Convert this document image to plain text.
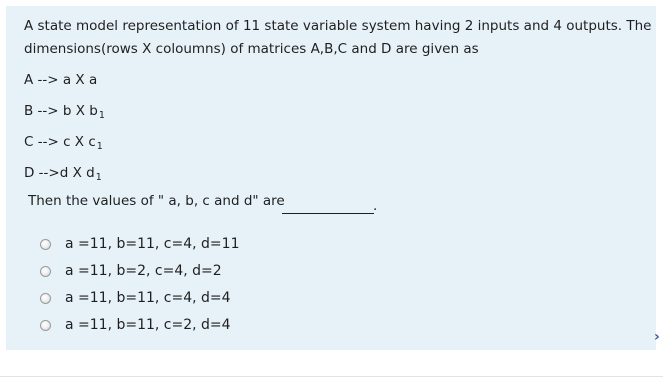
A state model representation of 11 state variable system having 2 inputs and 4 outputs. The
dimensions(rows X coloumns) of matrices A,B,C and D are given as
A --> a X a
B --> b X $b_1$
C --> c X $c_1$
D -->d X $d_1$
Then the values of " a, b, c and d" are	.
a =11, b=11, c=4, d=11
a =11, b=2, c=4, d=2
a =11, b=11, c=4, d=4
a =11, b=11, c=2, d=4
›
